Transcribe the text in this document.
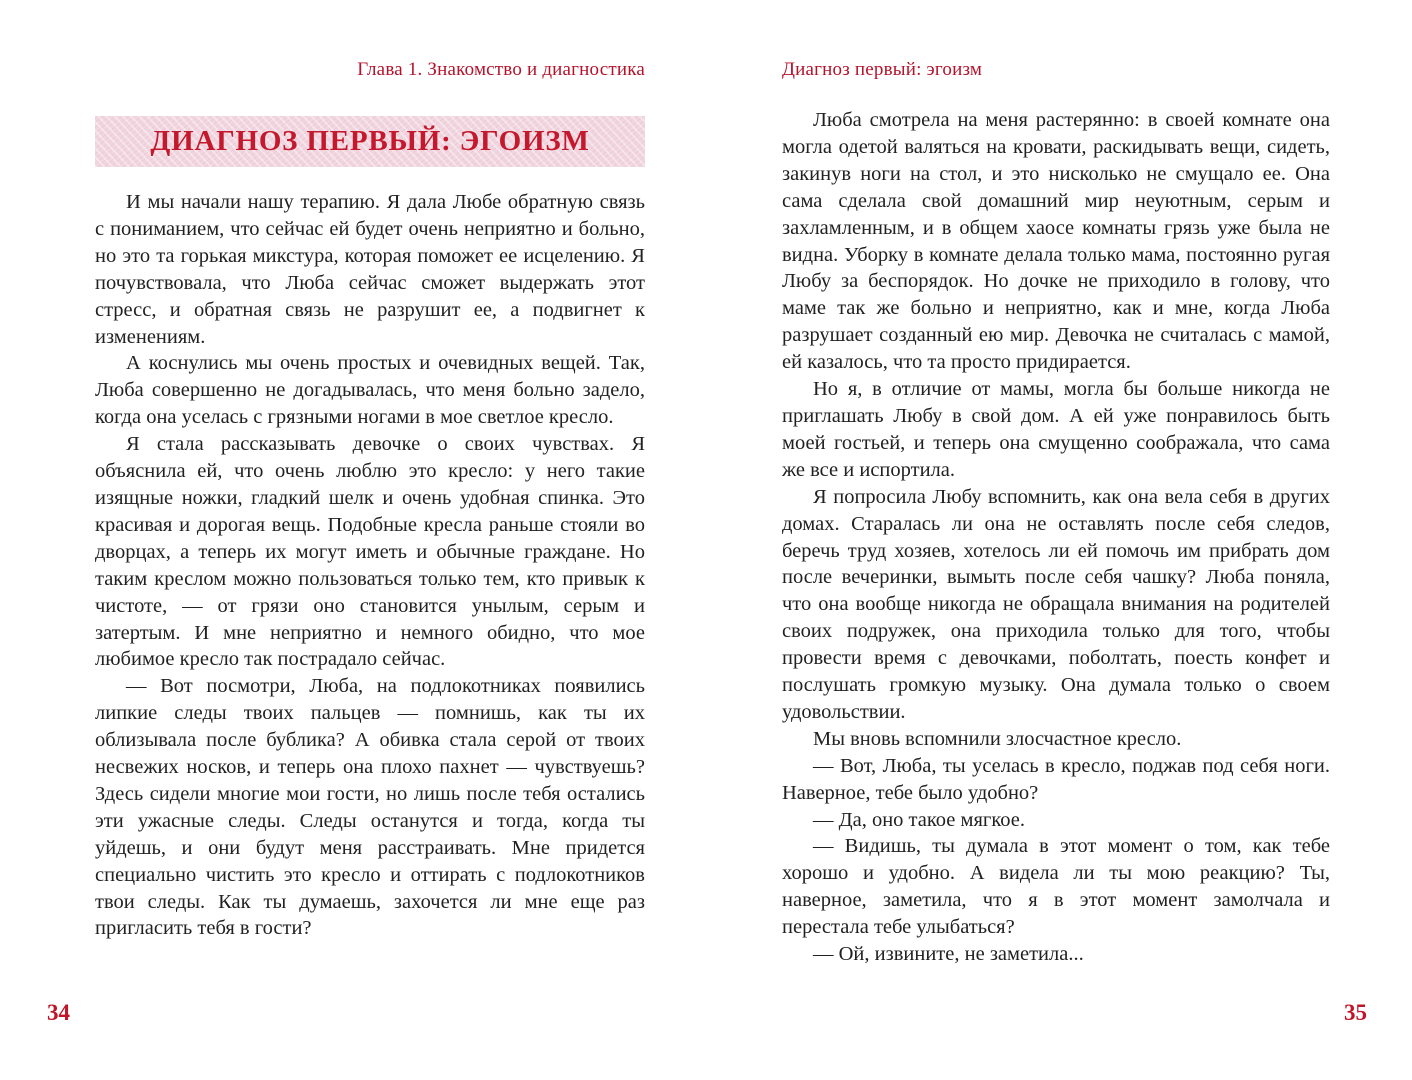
Глава 1. Знакомство и диагностика
ДИАГНОЗ ПЕРВЫЙ: ЭГОИЗМ

И мы начали нашу терапию. Я дала Любе обратную связь с пониманием, что сейчас ей будет очень неприятно и больно, но это та горькая микстура, которая поможет ее исцелению. Я почувствовала, что Люба сейчас сможет выдержать этот стресс, и обратная связь не разрушит ее, а подвигнет к изменениям.

А коснулись мы очень простых и очевидных вещей. Так, Люба совершенно не догадывалась, что меня больно задело, когда она уселась с грязными ногами в мое светлое кресло.

Я стала рассказывать девочке о своих чувствах. Я объяснила ей, что очень люблю это кресло: у него такие изящные ножки, гладкий шелк и очень удобная спинка. Это красивая и дорогая вещь. Подобные кресла раньше стояли во дворцах, а теперь их могут иметь и обычные граждане. Но таким креслом можно пользоваться только тем, кто привык к чистоте, — от грязи оно становится унылым, серым и затертым. И мне неприятно и немного обидно, что мое любимое кресло так пострадало сейчас.

— Вот посмотри, Люба, на подлокотниках появились липкие следы твоих пальцев — помнишь, как ты их облизывала после бублика? А обивка стала серой от твоих несвежих носков, и теперь она плохо пахнет — чувствуешь? Здесь сидели многие мои гости, но лишь после тебя остались эти ужасные следы. Следы останутся и тогда, когда ты уйдешь, и они будут меня расстраивать. Мне придется специально чистить это кресло и оттирать с подлокотников твои следы. Как ты думаешь, захочется ли мне еще раз пригласить тебя в гости?

Диагноз первый: эгоизм

Люба смотрела на меня растерянно: в своей комнате она могла одетой валяться на кровати, раскидывать вещи, сидеть, закинув ноги на стол, и это нисколько не смущало ее. Она сама сделала свой домашний мир неуютным, серым и захламленным, и в общем хаосе комнаты грязь уже была не видна. Уборку в комнате делала только мама, постоянно ругая Любу за беспорядок. Но дочке не приходило в голову, что маме так же больно и неприятно, как и мне, когда Люба разрушает созданный ею мир. Девочка не считалась с мамой, ей казалось, что та просто придирается.

Но я, в отличие от мамы, могла бы больше никогда не приглашать Любу в свой дом. А ей уже понравилось быть моей гостьей, и теперь она смущенно соображала, что сама же все и испортила.

Я попросила Любу вспомнить, как она вела себя в других домах. Старалась ли она не оставлять после себя следов, беречь труд хозяев, хотелось ли ей помочь им прибрать дом после вечеринки, вымыть после себя чашку? Люба поняла, что она вообще никогда не обращала внимания на родителей своих подружек, она приходила только для того, чтобы провести время с девочками, поболтать, поесть конфет и послушать громкую музыку. Она думала только о своем удовольствии.

Мы вновь вспомнили злосчастное кресло.

— Вот, Люба, ты уселась в кресло, поджав под себя ноги. Наверное, тебе было удобно?

— Да, оно такое мягкое.

— Видишь, ты думала в этот момент о том, как тебе хорошо и удобно. А видела ли ты мою реакцию? Ты, наверное, заметила, что я в этот момент замолчала и перестала тебе улыбаться?

— Ой, извините, не заметила...

34	35
